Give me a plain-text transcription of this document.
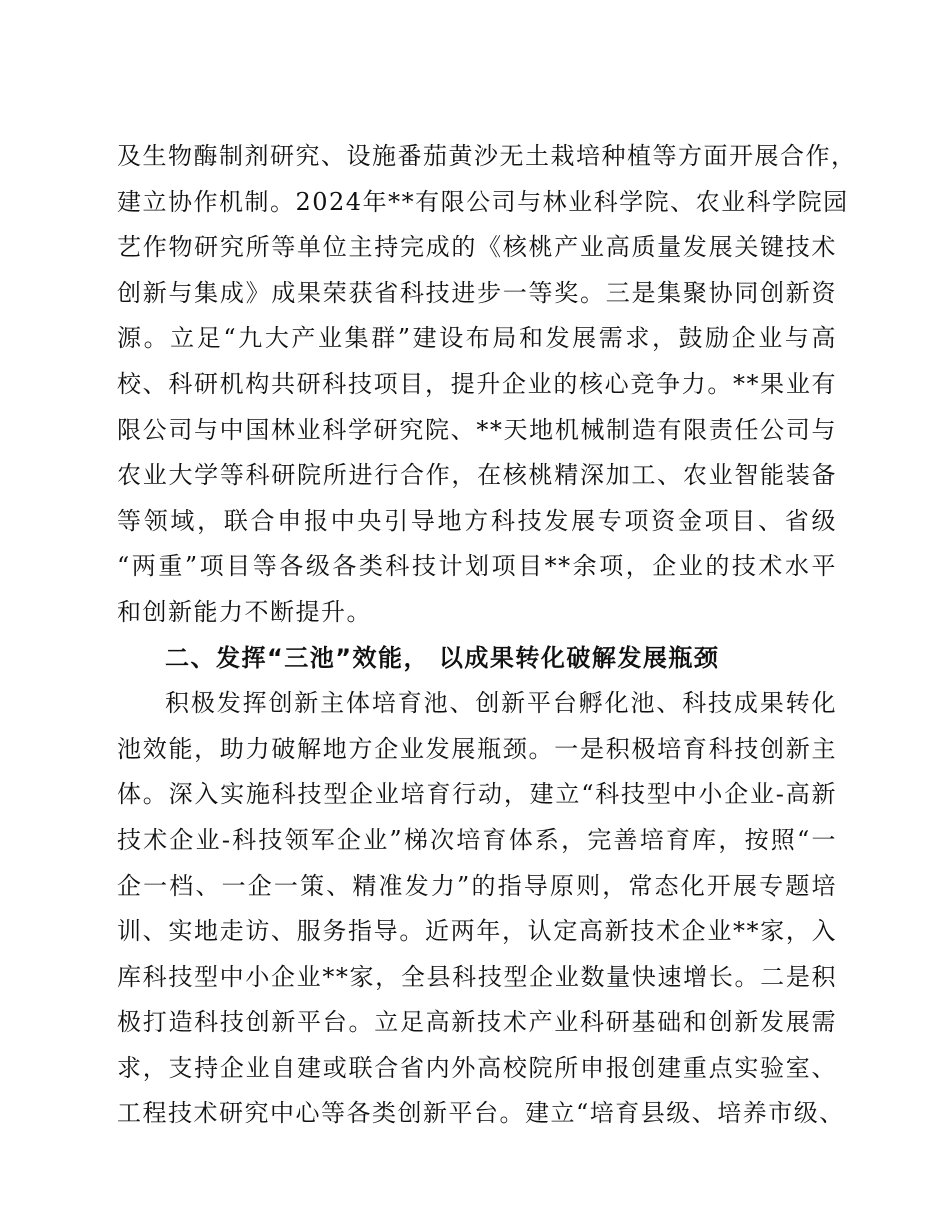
及生物酶制剂研究、设施番茄黄沙无土栽培种植等方面开展合作，
建立协作机制。2024年**有限公司与林业科学院、农业科学院园
艺作物研究所等单位主持完成的《核桃产业高质量发展关键技术
创新与集成》成果荣获省科技进步一等奖。三是集聚协同创新资
源。立足“九大产业集群”建设布局和发展需求，鼓励企业与高
校、科研机构共研科技项目，提升企业的核心竞争力。**果业有
限公司与中国林业科学研究院、**天地机械制造有限责任公司与
农业大学等科研院所进行合作，在核桃精深加工、农业智能装备
等领域，联合申报中央引导地方科技发展专项资金项目、省级
“两重”项目等各级各类科技计划项目**余项，企业的技术水平
和创新能力不断提升。
二、发挥“三池”效能， 以成果转化破解发展瓶颈
积极发挥创新主体培育池、创新平台孵化池、科技成果转化
池效能，助力破解地方企业发展瓶颈。一是积极培育科技创新主
体。深入实施科技型企业培育行动，建立“科技型中小企业-高新
技术企业-科技领军企业”梯次培育体系，完善培育库，按照“一
企一档、一企一策、精准发力”的指导原则，常态化开展专题培
训、实地走访、服务指导。近两年，认定高新技术企业**家，入
库科技型中小企业**家，全县科技型企业数量快速增长。二是积
极打造科技创新平台。立足高新技术产业科研基础和创新发展需
求，支持企业自建或联合省内外高校院所申报创建重点实验室、
工程技术研究中心等各类创新平台。建立“培育县级、培养市级、
